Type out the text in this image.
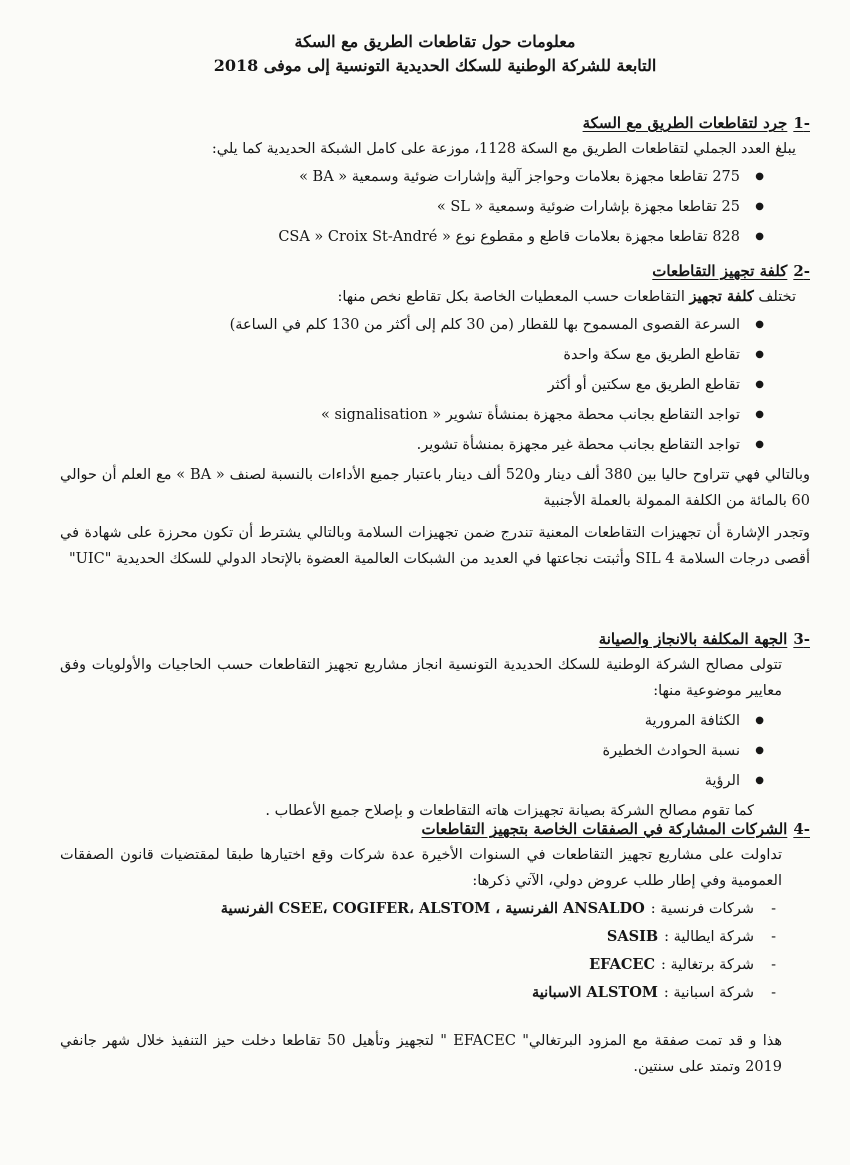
معلومات حول تقاطعات الطريق مع السكة
التابعة للشركة الوطنية للسكك الحديدية التونسية إلى موفى 2018

-1جرد لتقاطعات الطريق مع السكة

يبلغ العدد الجملي لتقاطعات الطريق مع السكة 1128، موزعة على كامل الشبكة الحديدية كما يلي:

● 275 تقاطعا مجهزة بعلامات وحواجز آلية وإشارات ضوئية وسمعية « BA »
● 25 تقاطعا مجهزة بإشارات ضوئية وسمعية « SL »
● 828 تقاطعا مجهزة بعلامات قاطع و مقطوع نوع « CSA » Croix St-André

-2كلفة تجهيز التقاطعات

تختلف كلفة تجهيز التقاطعات حسب المعطيات الخاصة بكل تقاطع نخص منها:

● السرعة القصوى المسموح بها للقطار (من 30 كلم إلى أكثر من 130 كلم في الساعة)
● تقاطع الطريق مع سكة واحدة
● تقاطع الطريق مع سكتين أو أكثر
● تواجد التقاطع بجانب محطة مجهزة بمنشأة تشوير « signalisation »
● تواجد التقاطع بجانب محطة غير مجهزة بمنشأة تشوير.

وبالتالي فهي تتراوح حاليا بين 380 ألف دينار و520 ألف دينار باعتبار جميع الأداءات بالنسبة لصنف « BA » مع العلم أن حوالي 60 بالمائة من الكلفة الممولة بالعملة الأجنبية

وتجدر الإشارة أن تجهيزات التقاطعات المعنية تندرج ضمن تجهيزات السلامة وبالتالي يشترط أن تكون محرزة على شهادة في أقصى درجات السلامة SIL 4 وأثبتت نجاعتها في العديد من الشبكات العالمية العضوة بالإتحاد الدولي للسكك الحديدية "UIC"

-3الجهة المكلفة بالانجاز والصيانة

تتولى مصالح الشركة الوطنية للسكك الحديدية التونسية انجاز مشاريع تجهيز التقاطعات حسب الحاجيات والأولويات وفق معايير موضوعية منها:

● الكثافة المرورية
● نسبة الحوادث الخطيرة
● الرؤية

كما تقوم مصالح الشركة بصيانة تجهيزات هاته التقاطعات و بإصلاح جميع الأعطاب .

-4الشركات المشاركة في الصفقات الخاصة بتجهيز التقاطعات

تداولت على مشاريع تجهيز التقاطعات في السنوات الأخيرة عدة شركات وقع اختيارها طبقا لمقتضيات قانون الصفقات العمومية وفي إطار طلب عروض دولي، الآتي ذكرها:

- شركات فرنسية :ANSALDO الفرنسية ، CSEE، COGIFER، ALSTOM الفرنسية
- شركة ايطالية :SASIB
- شركة برتغالية :EFACEC
- شركة اسبانية :ALSTOM الاسبانية

هذا و قد تمت صفقة مع المزود البرتغالي" EFACEC " لتجهيز وتأهيل 50 تقاطعا دخلت حيز التنفيذ خلال شهر جانفي 2019 وتمتد على سنتين.
